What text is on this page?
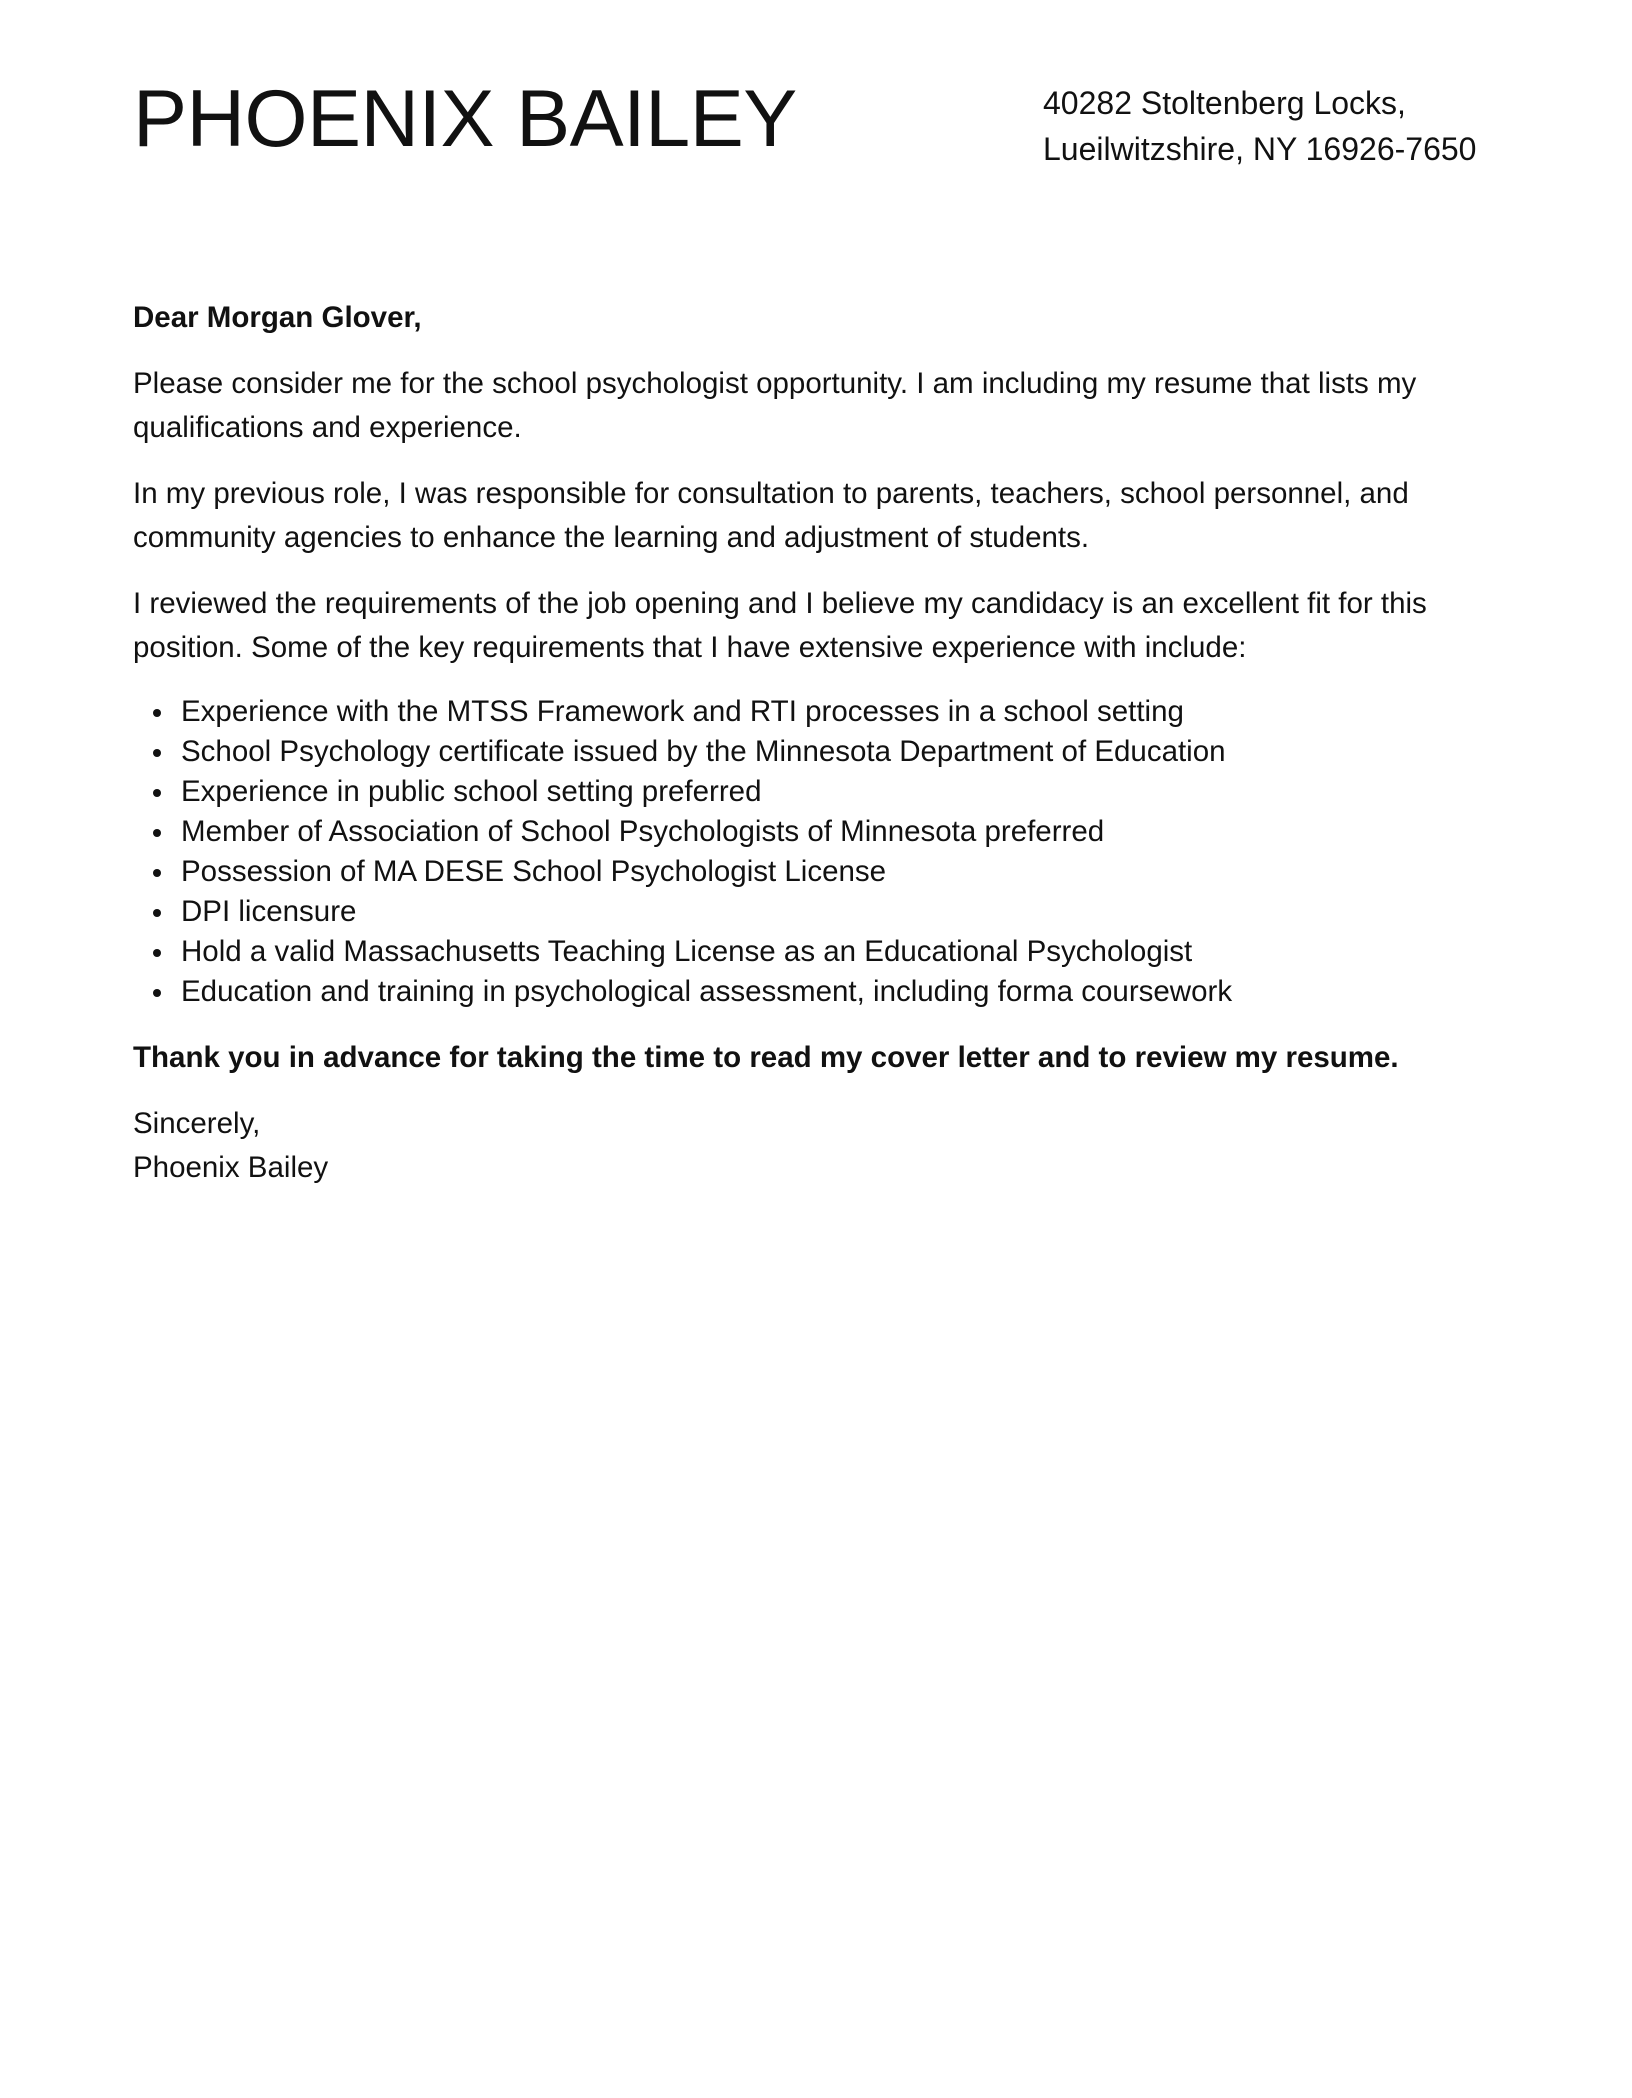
PHOENIX BAILEY	40282 Stoltenberg Locks,
Lueilwitzshire, NY 16926-7650

Dear Morgan Glover,

Please consider me for the school psychologist opportunity. I am including my resume that lists my qualifications and experience.

In my previous role, I was responsible for consultation to parents, teachers, school personnel, and community agencies to enhance the learning and adjustment of students.

I reviewed the requirements of the job opening and I believe my candidacy is an excellent fit for this position. Some of the key requirements that I have extensive experience with include:

Experience with the MTSS Framework and RTI processes in a school setting
School Psychology certificate issued by the Minnesota Department of Education
Experience in public school setting preferred
Member of Association of School Psychologists of Minnesota preferred
Possession of MA DESE School Psychologist License
DPI licensure
Hold a valid Massachusetts Teaching License as an Educational Psychologist
Education and training in psychological assessment, including forma coursework

Thank you in advance for taking the time to read my cover letter and to review my resume.

Sincerely,

Phoenix Bailey
